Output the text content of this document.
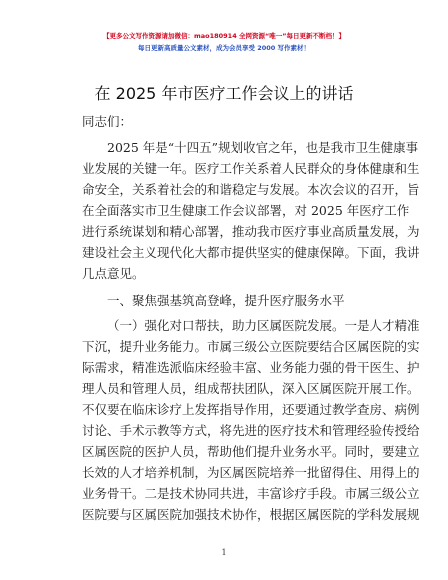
【更多公文写作资源请加微信：mao180914 全网资源“唯一”每日更新不断档！】
每日更新高质量公文素材，成为会员享受 2000 写作素材！
在 2025 年市医疗工作会议上的讲话
同志们：
2025 年是“十四五”规划收官之年，也是我市卫生健康事
业发展的关键一年。医疗工作关系着人民群众的身体健康和生
命安全，关系着社会的和谐稳定与发展。本次会议的召开，旨
在全面落实市卫生健康工作会议部署，对 2025 年医疗工作
进行系统谋划和精心部署，推动我市医疗事业高质量发展，为
建设社会主义现代化大都市提供坚实的健康保障。下面，我讲
几点意见。
一、聚焦强基筑高登峰，提升医疗服务水平
（一）强化对口帮扶，助力区属医院发展。一是人才精准
下沉，提升业务能力。市属三级公立医院要结合区属医院的实
际需求，精准选派临床经验丰富、业务能力强的骨干医生、护
理人员和管理人员，组成帮扶团队，深入区属医院开展工作。
不仅要在临床诊疗上发挥指导作用，还要通过教学查房、病例
讨论、手术示教等方式，将先进的医疗技术和管理经验传授给
区属医院的医护人员，帮助他们提升业务水平。同时，要建立
长效的人才培养机制，为区属医院培养一批留得住、用得上的
业务骨干。二是技术协同共进，丰富诊疗手段。市属三级公立
医院要与区属医院加强技术协作，根据区属医院的学科发展规
1
